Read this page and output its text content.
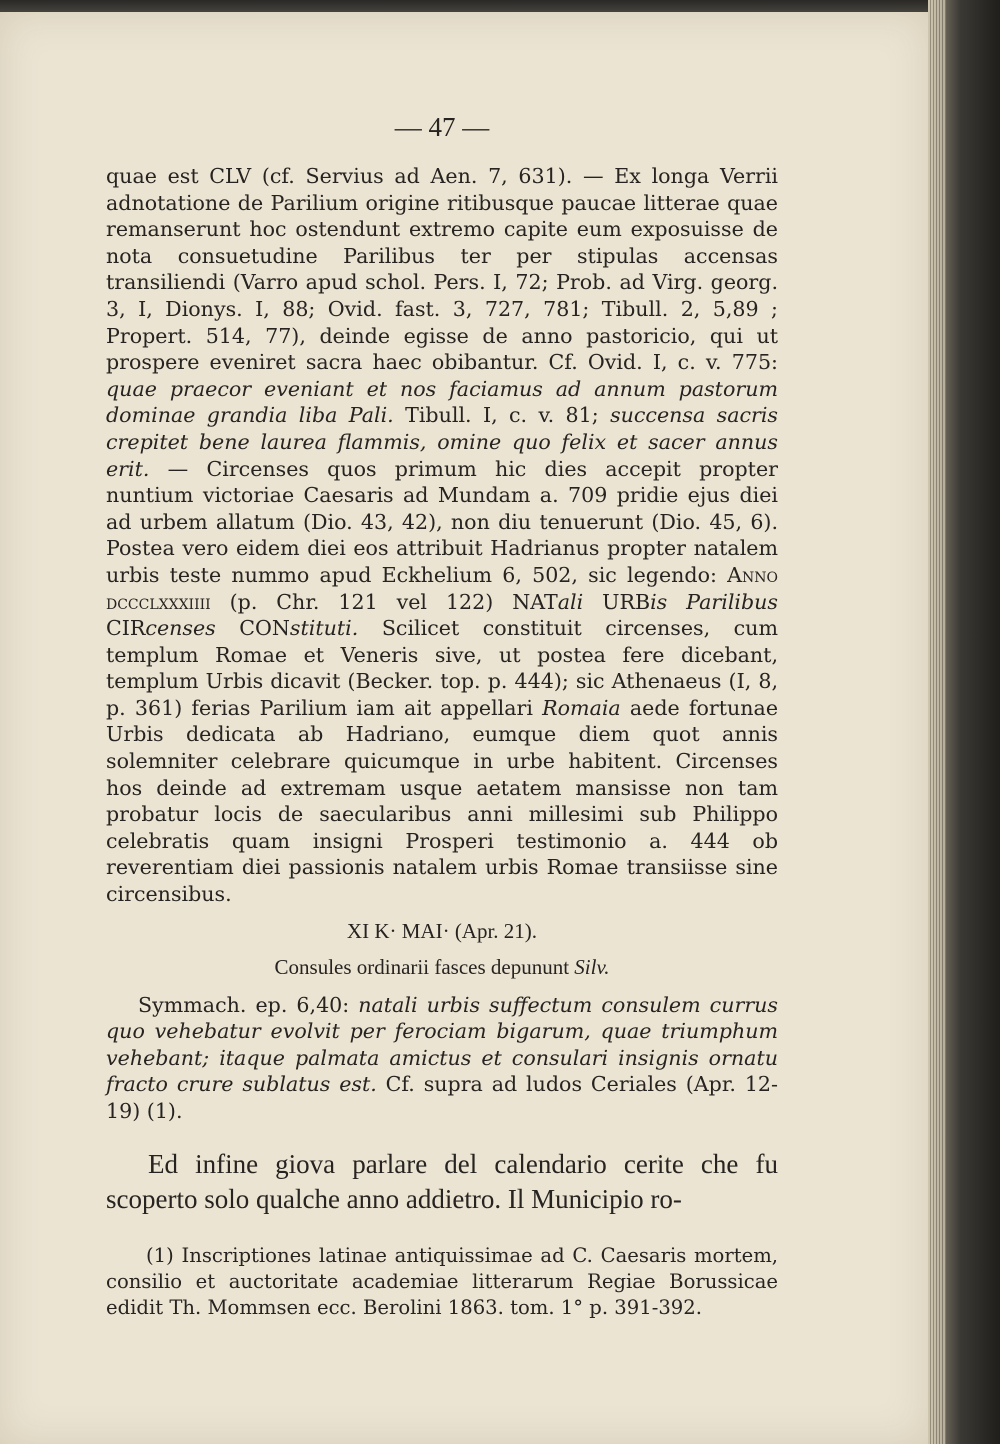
— 47 —

quae est CLV (cf. Servius ad Aen. 7, 631). — Ex longa Verrii adnotatione de Parilium origine ritibusque paucae litterae quae remanserunt hoc ostendunt extremo capite eum exposuisse de nota consuetudine Parilibus ter per stipulas accensas transiliendi (Varro apud schol. Pers. I, 72; Prob. ad Virg. georg. 3, I, Dionys. I, 88; Ovid. fast. 3, 727, 781; Tibull. 2, 5,89 ; Propert. 514, 77), deinde egisse de anno pastoricio, qui ut prospere eveniret sacra haec obibantur. Cf. Ovid. I, c. v. 775: quae praecor eveniant et nos faciamus ad annum pastorum dominae grandia liba Pali. Tibull. I, c. v. 81; succensa sacris crepitet bene laurea flammis, omine quo felix et sacer annus erit. — Circenses quos primum hic dies accepit propter nuntium victoriae Caesaris ad Mundam a. 709 pridie ejus diei ad urbem allatum (Dio. 43, 42), non diu tenuerunt (Dio. 45, 6). Postea vero eidem diei eos attribuit Hadrianus propter natalem urbis teste nummo apud Eckhelium 6, 502, sic legendo: Anno dccclxxxiiii (p. Chr. 121 vel 122) NATali URBis Parilibus CIRcenses CONstituti. Scilicet constituit circenses, cum templum Romae et Veneris sive, ut postea fere dicebant, templum Urbis dicavit (Becker. top. p. 444); sic Athenaeus (I, 8, p. 361) ferias Parilium iam ait appellari Romaia aede fortunae Urbis dedicata ab Hadriano, eumque diem quot annis solemniter celebrare quicumque in urbe habitent. Circenses hos deinde ad extremam usque aetatem mansisse non tam probatur locis de saecularibus anni millesimi sub Philippo celebratis quam insigni Prosperi testimonio a. 444 ob reverentiam diei passionis natalem urbis Romae transiisse sine circensibus.

XI K· MAI· (Apr. 21).
Consules ordinarii fasces depununt Silv.

Symmach. ep. 6,40: natali urbis suffectum consulem currus quo vehebatur evolvit per ferociam bigarum, quae triumphum vehebant; itaque palmata amictus et consulari insignis ornatu fracto crure sublatus est. Cf. supra ad ludos Ceriales (Apr. 12-19) (1).

Ed infine giova parlare del calendario cerite che fu scoperto solo qualche anno addietro. Il Municipio ro-

(1) Inscriptiones latinae antiquissimae ad C. Caesaris mortem, consilio et auctoritate academiae litterarum Regiae Borussicae edidit Th. Mommsen ecc. Berolini 1863. tom. 1° p. 391-392.
